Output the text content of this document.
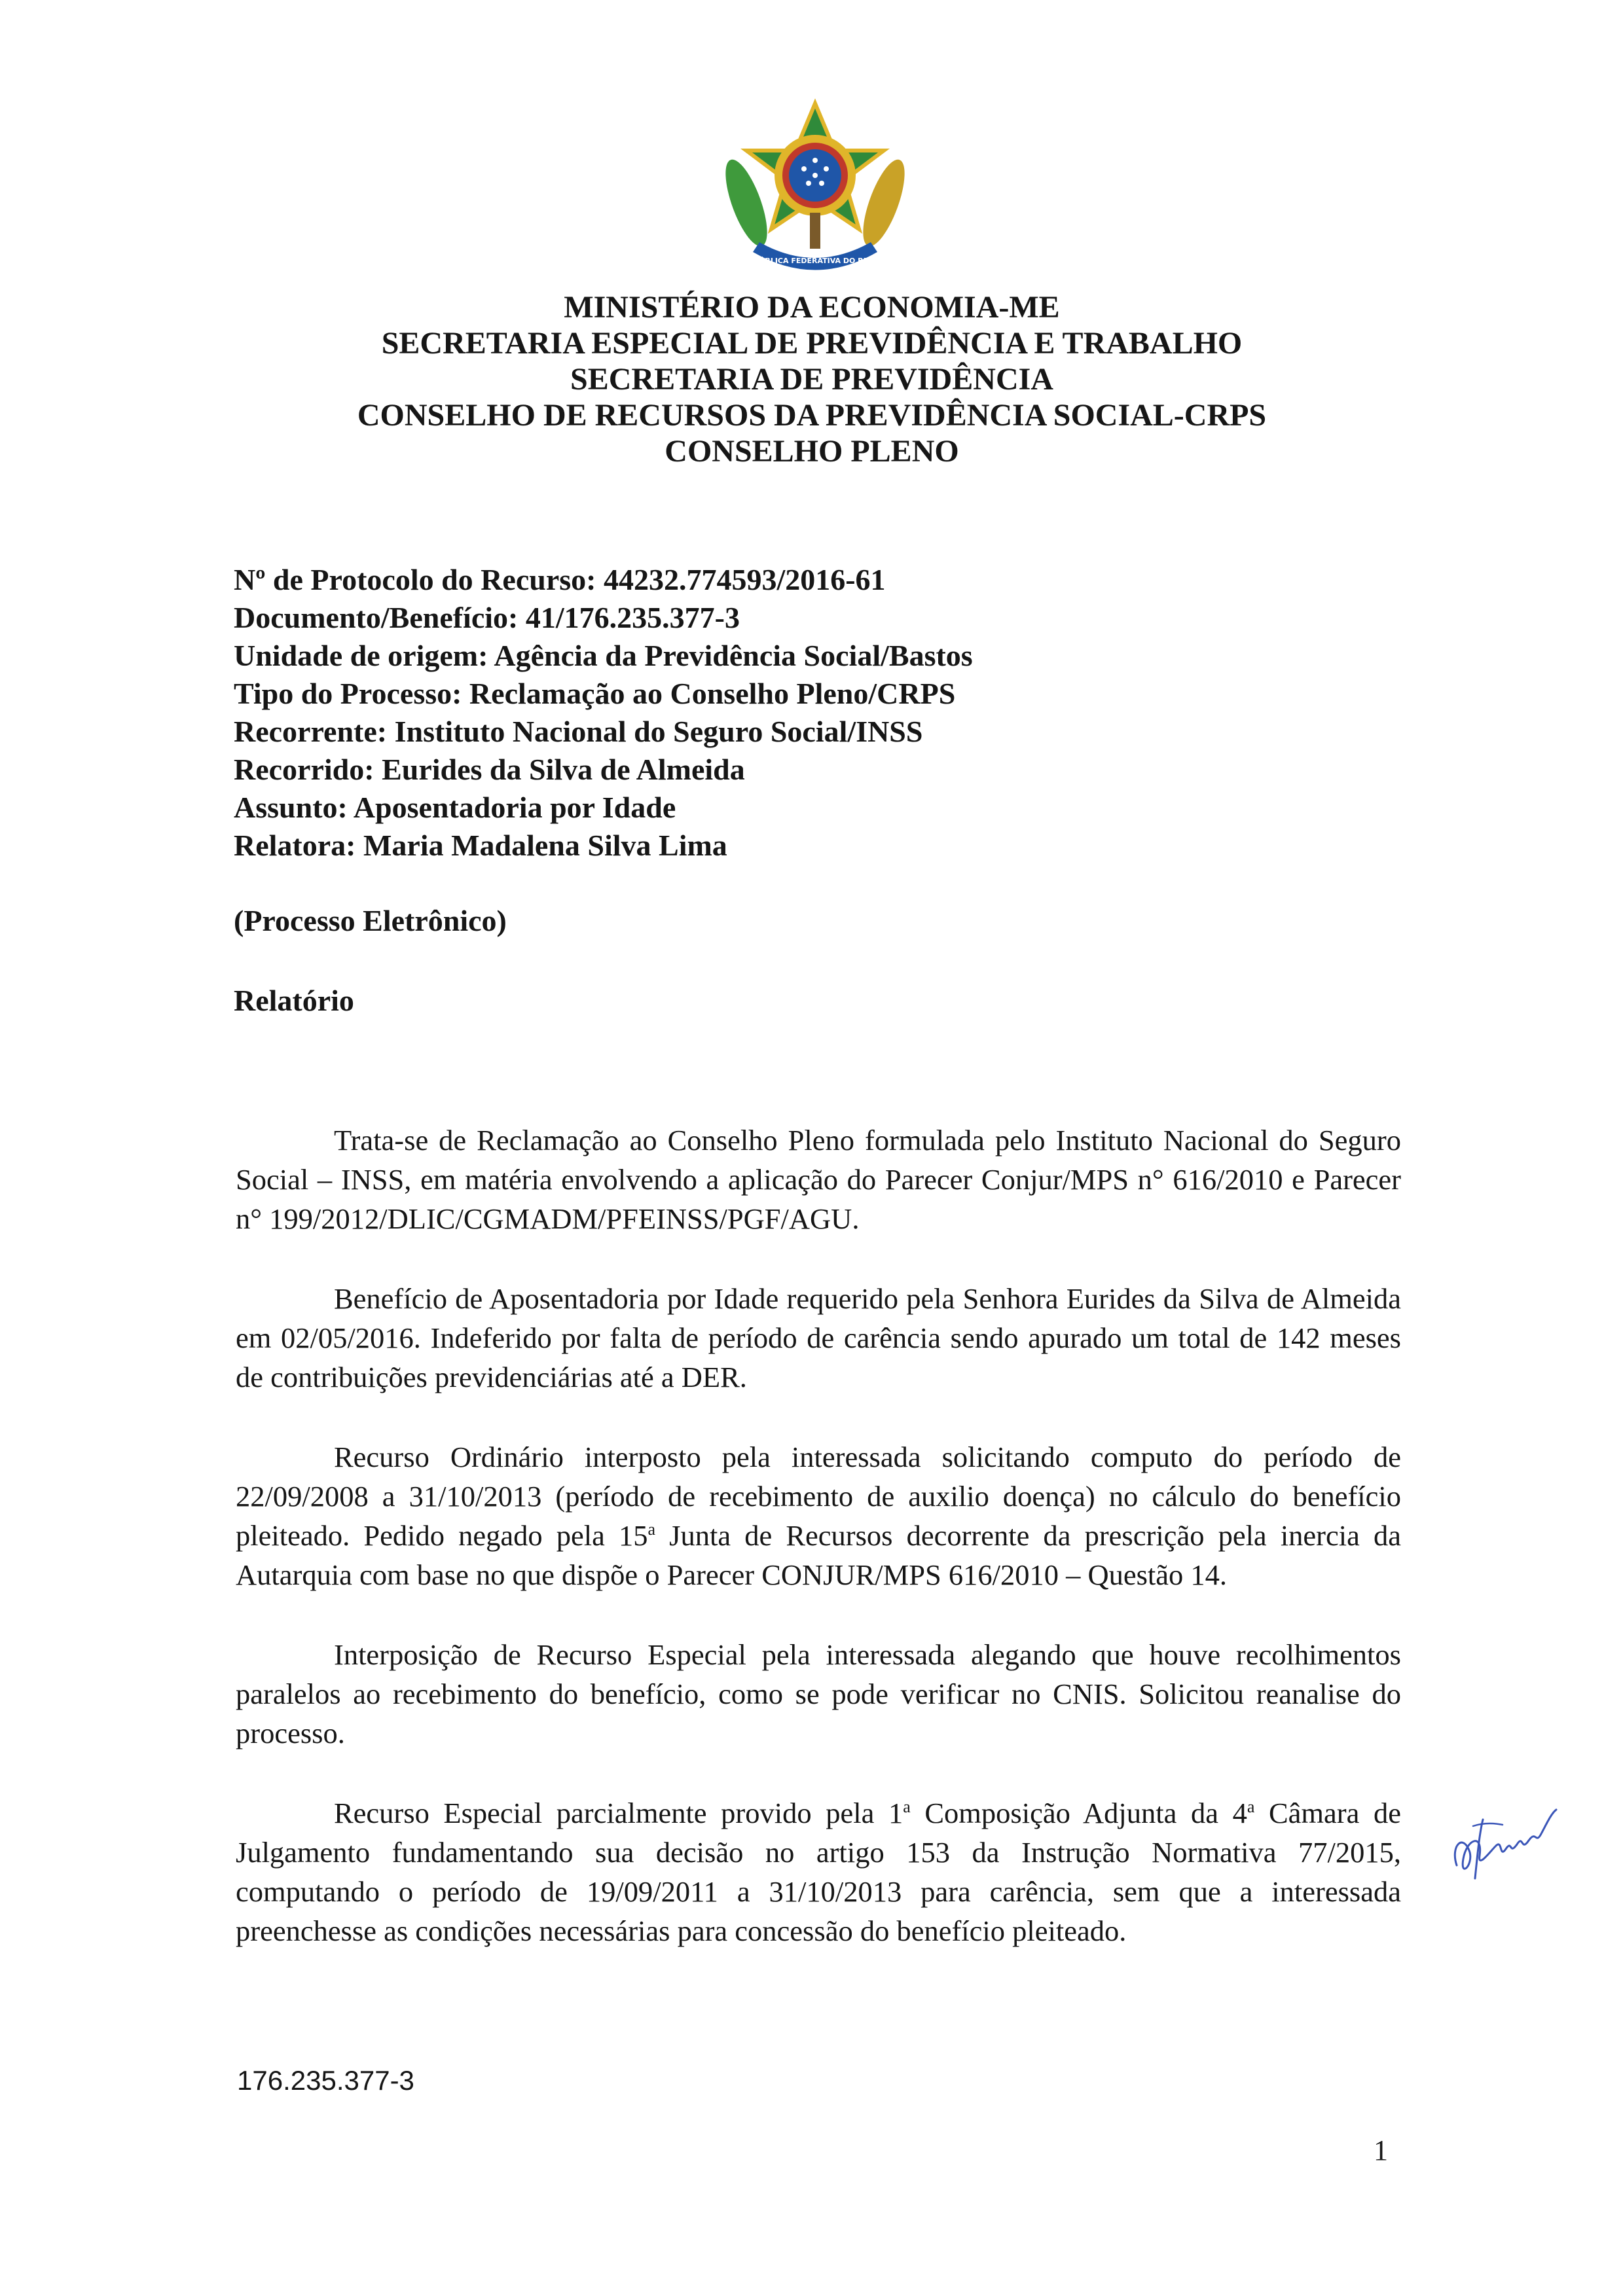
REPÚBLICA FEDERATIVA DO BRASIL
MINISTÉRIO DA ECONOMIA-ME
SECRETARIA ESPECIAL DE PREVIDÊNCIA E TRABALHO
SECRETARIA DE PREVIDÊNCIA
CONSELHO DE RECURSOS DA PREVIDÊNCIA SOCIAL-CRPS
CONSELHO PLENO
Nº de Protocolo do Recurso: 44232.774593/2016-61
Documento/Benefício: 41/176.235.377-3
Unidade de origem: Agência da Previdência Social/Bastos
Tipo do Processo: Reclamação ao Conselho Pleno/CRPS
Recorrente: Instituto Nacional do Seguro Social/INSS
Recorrido: Eurides da Silva de Almeida
Assunto: Aposentadoria por Idade
Relatora: Maria Madalena Silva Lima
(Processo Eletrônico)
Relatório

Trata-se de Reclamação ao Conselho Pleno formulada pelo Instituto Nacional do Seguro Social – INSS, em matéria envolvendo a aplicação do Parecer Conjur/MPS n° 616/2010 e Parecer n° 199/2012/DLIC/CGMADM/PFEINSS/PGF/AGU.

Benefício de Aposentadoria por Idade requerido pela Senhora Eurides da Silva de Almeida em 02/05/2016. Indeferido por falta de período de carência sendo apurado um total de 142 meses de contribuições previdenciárias até a DER.

Recurso Ordinário interposto pela interessada solicitando computo do período de 22/09/2008 a 31/10/2013 (período de recebimento de auxilio doença) no cálculo do benefício pleiteado. Pedido negado pela 15$^a$ Junta de Recursos decorrente da prescrição pela inercia da Autarquia com base no que dispõe o Parecer CONJUR/MPS 616/2010 – Questão 14.

Interposição de Recurso Especial pela interessada alegando que houve recolhimentos paralelos ao recebimento do benefício, como se pode verificar no CNIS. Solicitou reanalise do processo.

Recurso Especial parcialmente provido pela 1$^a$ Composição Adjunta da 4$^a$ Câmara de Julgamento fundamentando sua decisão no artigo 153 da Instrução Normativa 77/2015, computando o período de 19/09/2011 a 31/10/2013 para carência, sem que a interessada preenchesse as condições necessárias para concessão do benefício pleiteado.

176.235.377-3
1
